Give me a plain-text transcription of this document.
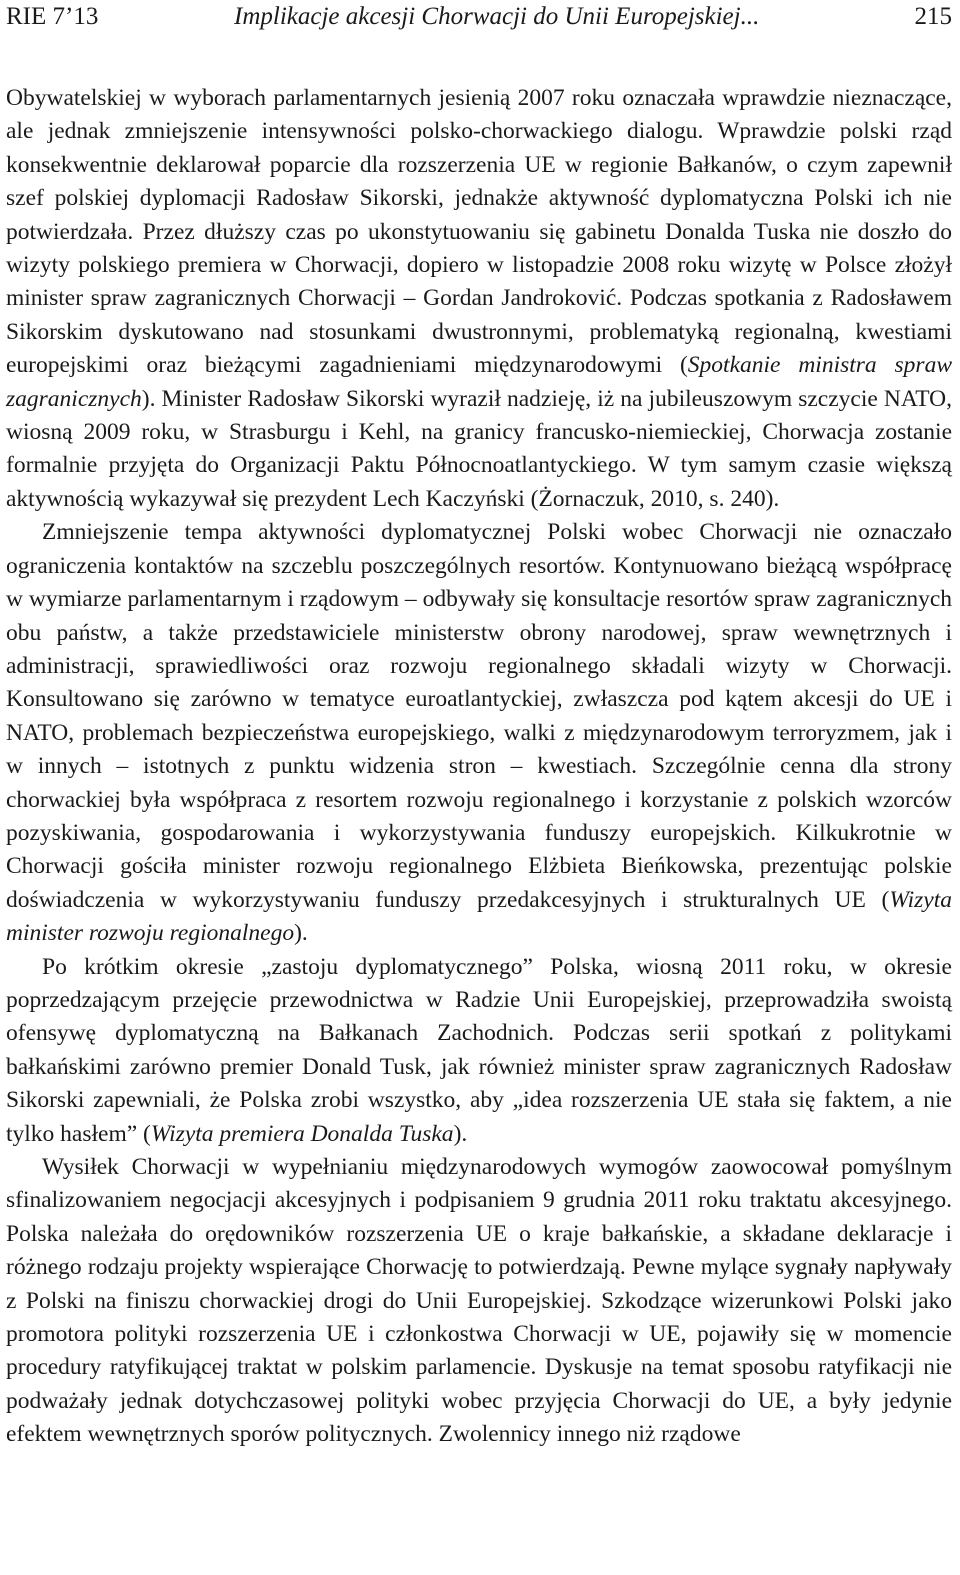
RIE 7’13	Implikacje akcesji Chorwacji do Unii Europejskiej...	215

Obywatelskiej w wyborach parlamentarnych jesienią 2007 roku oznaczała wprawdzie nieznaczące, ale jednak zmniejszenie intensywności polsko-chorwackiego dialogu. Wprawdzie polski rząd konsekwentnie deklarował poparcie dla rozszerzenia UE w regionie Bałkanów, o czym zapewnił szef polskiej dyplomacji Radosław Sikorski, jednakże aktywność dyplomatyczna Polski ich nie potwierdzała. Przez dłuższy czas po ukonstytuowaniu się gabinetu Donalda Tuska nie doszło do wizyty polskiego premiera w Chorwacji, dopiero w listopadzie 2008 roku wizytę w Polsce złożył minister spraw zagranicznych Chorwacji – Gordan Jandroković. Podczas spotkania z Radosławem Sikorskim dyskutowano nad stosunkami dwustronnymi, problematyką regionalną, kwestiami europejskimi oraz bieżącymi zagadnieniami międzynarodowymi (Spotkanie ministra spraw zagranicznych). Minister Radosław Sikorski wyraził nadzieję, iż na jubileuszowym szczycie NATO, wiosną 2009 roku, w Strasburgu i Kehl, na granicy francusko-niemieckiej, Chorwacja zostanie formalnie przyjęta do Organizacji Paktu Północnoatlantyckiego. W tym samym czasie większą aktywnością wykazywał się prezydent Lech Kaczyński (Żornaczuk, 2010, s. 240).

Zmniejszenie tempa aktywności dyplomatycznej Polski wobec Chorwacji nie oznaczało ograniczenia kontaktów na szczeblu poszczególnych resortów. Kontynuowano bieżącą współpracę w wymiarze parlamentarnym i rządowym – odbywały się konsultacje resortów spraw zagranicznych obu państw, a także przedstawiciele ministerstw obrony narodowej, spraw wewnętrznych i administracji, sprawiedliwości oraz rozwoju regionalnego składali wizyty w Chorwacji. Konsultowano się zarówno w tematyce euroatlantyckiej, zwłaszcza pod kątem akcesji do UE i NATO, problemach bezpieczeństwa europejskiego, walki z międzynarodowym terroryzmem, jak i w innych – istotnych z punktu widzenia stron – kwestiach. Szczególnie cenna dla strony chorwackiej była współpraca z resortem rozwoju regionalnego i korzystanie z polskich wzorców pozyskiwania, gospodarowania i wykorzystywania funduszy europejskich. Kilkukrotnie w Chorwacji gościła minister rozwoju regionalnego Elżbieta Bieńkowska, prezentując polskie doświadczenia w wykorzystywaniu funduszy przedakcesyjnych i strukturalnych UE (Wizyta minister rozwoju regionalnego).

Po krótkim okresie „zastoju dyplomatycznego” Polska, wiosną 2011 roku, w okresie poprzedzającym przejęcie przewodnictwa w Radzie Unii Europejskiej, przeprowadziła swoistą ofensywę dyplomatyczną na Bałkanach Zachodnich. Podczas serii spotkań z politykami bałkańskimi zarówno premier Donald Tusk, jak również minister spraw zagranicznych Radosław Sikorski zapewniali, że Polska zrobi wszystko, aby „idea rozszerzenia UE stała się faktem, a nie tylko hasłem” (Wizyta premiera Donalda Tuska).

Wysiłek Chorwacji w wypełnianiu międzynarodowych wymogów zaowocował pomyślnym sfinalizowaniem negocjacji akcesyjnych i podpisaniem 9 grudnia 2011 roku traktatu akcesyjnego. Polska należała do orędowników rozszerzenia UE o kraje bałkańskie, a składane deklaracje i różnego rodzaju projekty wspierające Chorwację to potwierdzają. Pewne mylące sygnały napływały z Polski na finiszu chorwackiej drogi do Unii Europejskiej. Szkodzące wizerunkowi Polski jako promotora polityki rozszerzenia UE i członkostwa Chorwacji w UE, pojawiły się w momencie procedury ratyfikującej traktat w polskim parlamencie. Dyskusje na temat sposobu ratyfikacji nie podważały jednak dotychczasowej polityki wobec przyjęcia Chorwacji do UE, a były jedynie efektem wewnętrznych sporów politycznych. Zwolennicy innego niż rządowe
